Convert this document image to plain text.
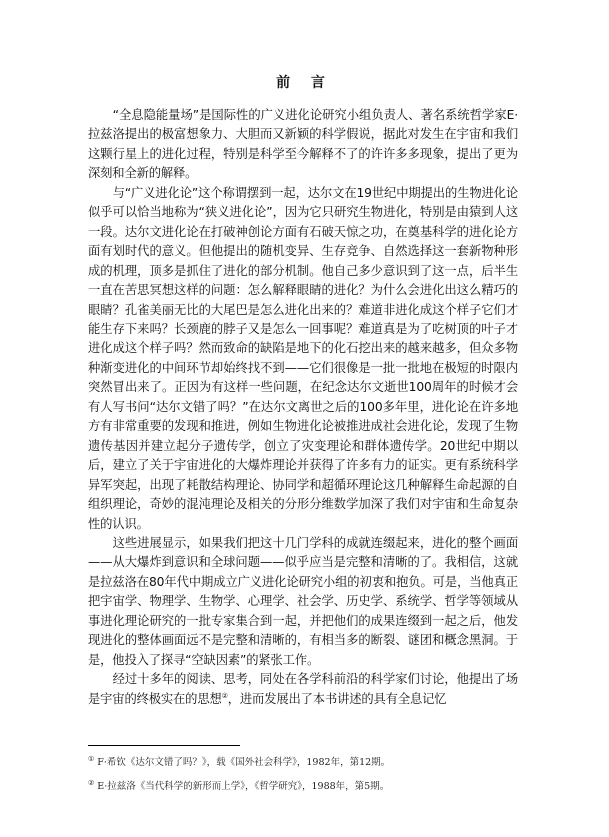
前 言

“全息隐能量场”是国际性的广义进化论研究小组负责人、著名系统哲学家E·拉兹洛提出的极富想象力、大胆而又新颖的科学假说，据此对发生在宇宙和我们这颗行星上的进化过程，特别是科学至今解释不了的许许多多现象，提出了更为深刻和全新的解释。

与“广义进化论”这个称谓摆到一起，达尔文在19世纪中期提出的生物进化论似乎可以恰当地称为“狭义进化论”，因为它只研究生物进化，特别是由猿到人这一段。达尔文进化论在打破神创论方面有石破天惊之功，在奠基科学的进化论方面有划时代的意义。但他提出的随机变异、生存竞争、自然选择这一套新物种形成的机理，顶多是抓住了进化的部分机制。他自己多少意识到了这一点，后半生一直在苦思冥想这样的问题：怎么解释眼睛的进化？为什么会进化出这么精巧的眼睛？孔雀美丽无比的大尾巴是怎么进化出来的？难道非进化成这个样子它们才能生存下来吗？长颈鹿的脖子又是怎么一回事呢？难道真是为了吃树顶的叶子才进化成这个样子吗？然而致命的缺陷是地下的化石挖出来的越来越多，但众多物种渐变进化的中间环节却始终找不到——它们很像是一批一批地在极短的时限内突然冒出来了。正因为有这样一些问题，在纪念达尔文逝世100周年的时候才会有人写书问“达尔文错了吗？”在达尔文离世之后的100多年里，进化论在许多地方有非常重要的发现和推进，例如生物进化论被推进成社会进化论，发现了生物遗传基因并建立起分子遗传学，创立了灾变理论和群体遗传学。20世纪中期以后，建立了关于宇宙进化的大爆炸理论并获得了许多有力的证实。更有系统科学异军突起，出现了耗散结构理论、协同学和超循环理论这几种解释生命起源的自组织理论，奇妙的混沌理论及相关的分形分维数学加深了我们对宇宙和生命复杂性的认识。

这些进展显示，如果我们把这十几门学科的成就连缀起来，进化的整个画面——从大爆炸到意识和全球问题——似乎应当是完整和清晰的了。我相信，这就是拉兹洛在80年代中期成立广义进化论研究小组的初衷和抱负。可是，当他真正把宇宙学、物理学、生物学、心理学、社会学、历史学、系统学、哲学等领域从事进化理论研究的一批专家集合到一起，并把他们的成果连缀到一起之后，他发现进化的整体画面远不是完整和清晰的，有相当多的断裂、谜团和概念黑洞。于是，他投入了探寻“空缺因素”的紧张工作。

经过十多年的阅读、思考，同处在各学科前沿的科学家们讨论，他提出了场是宇宙的终极实在的思想②，进而发展出了本书讲述的具有全息记忆

① F·希钦《达尔文错了吗？》，载《国外社会科学》，1982年，第12期。
② E·拉兹洛《当代科学的新形而上学》，《哲学研究》，1988年，第5期。
